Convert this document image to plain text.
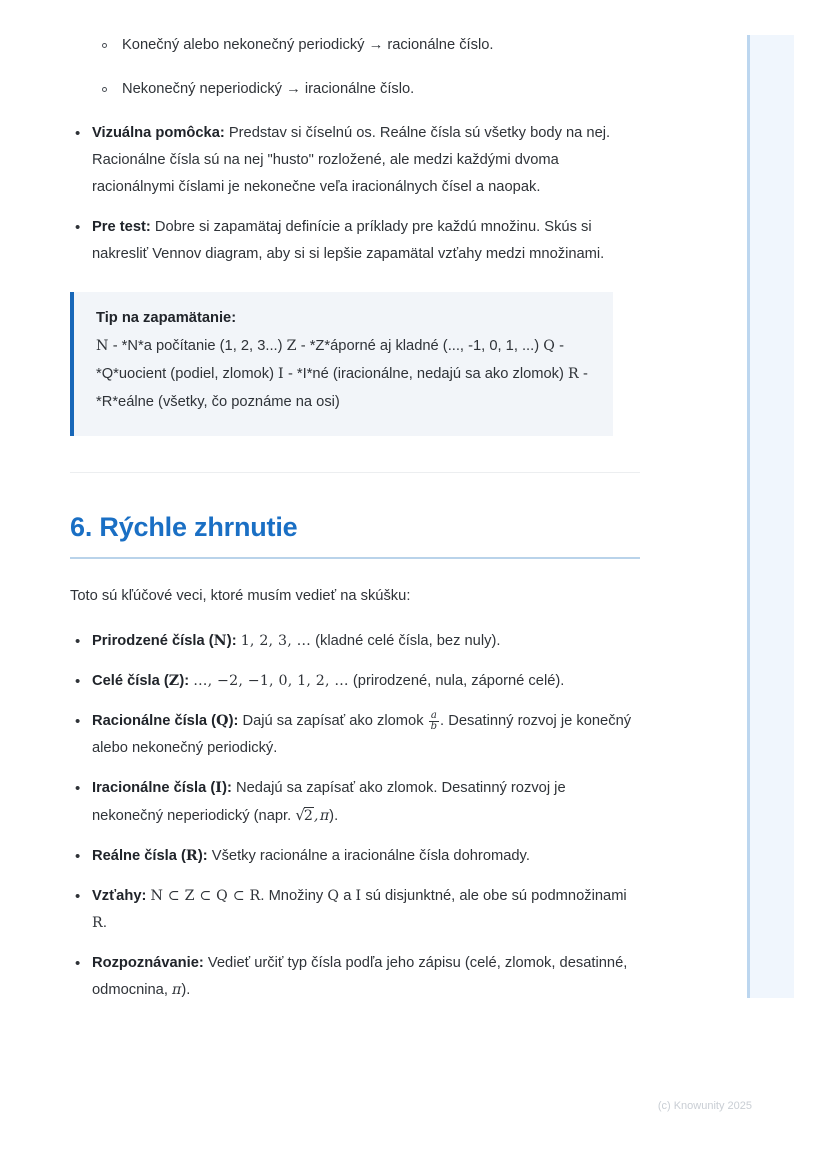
Konečný alebo nekonečný periodický → racionálne číslo.
Nekonečný neperiodický → iracionálne číslo.
• Vizuálna pomôcka: Predstav si číselnú os. Reálne čísla sú všetky body na nej. Racionálne čísla sú na nej "husto" rozložené, ale medzi každými dvoma racionálnymi číslami je nekonečne veľa iracionálnych čísel a naopak.
• Pre test: Dobre si zapamätaj definície a príklady pre každú množinu. Skús si nakresliť Vennov diagram, aby si si lepšie zapamätal vzťahy medzi množinami.
Tip na zapamätanie:
N - *N*a počítanie (1, 2, 3...) Z - *Z*áporné aj kladné (..., -1, 0, 1, ...) Q - *Q*uocient (podiel, zlomok) I - *I*né (iracionálne, nedajú sa ako zlomok) R - *R*eálne (všetky, čo poznáme na osi)
6. Rýchle zhrnutie

Toto sú kľúčové veci, ktoré musím vedieť na skúšku:

• Prirodzené čísla (N): 1, 2, 3, … (kladné celé čísla, bez nuly).
• Celé čísla (Z): …, −2, −1, 0, 1, 2, … (prirodzené, nula, záporné celé).
• Racionálne čísla (Q): Dajú sa zapísať ako zlomok $\frac{a}{b}$ . Desatinný rozvoj je konečný alebo nekonečný periodický.
• Iracionálne čísla (I): Nedajú sa zapísať ako zlomok. Desatinný rozvoj je nekonečný neperiodický (napr. √2, π).
• Reálne čísla (R): Všetky racionálne a iracionálne čísla dohromady.
• Vzťahy: N ⊂ Z ⊂ Q ⊂ R. Množiny Q a I sú disjunktné, ale obe sú podmnožinami R.
• Rozpoznávanie: Vedieť určiť typ čísla podľa jeho zápisu (celé, zlomok, desatinné, odmocnina, π).
(c) Knowunity 2025
